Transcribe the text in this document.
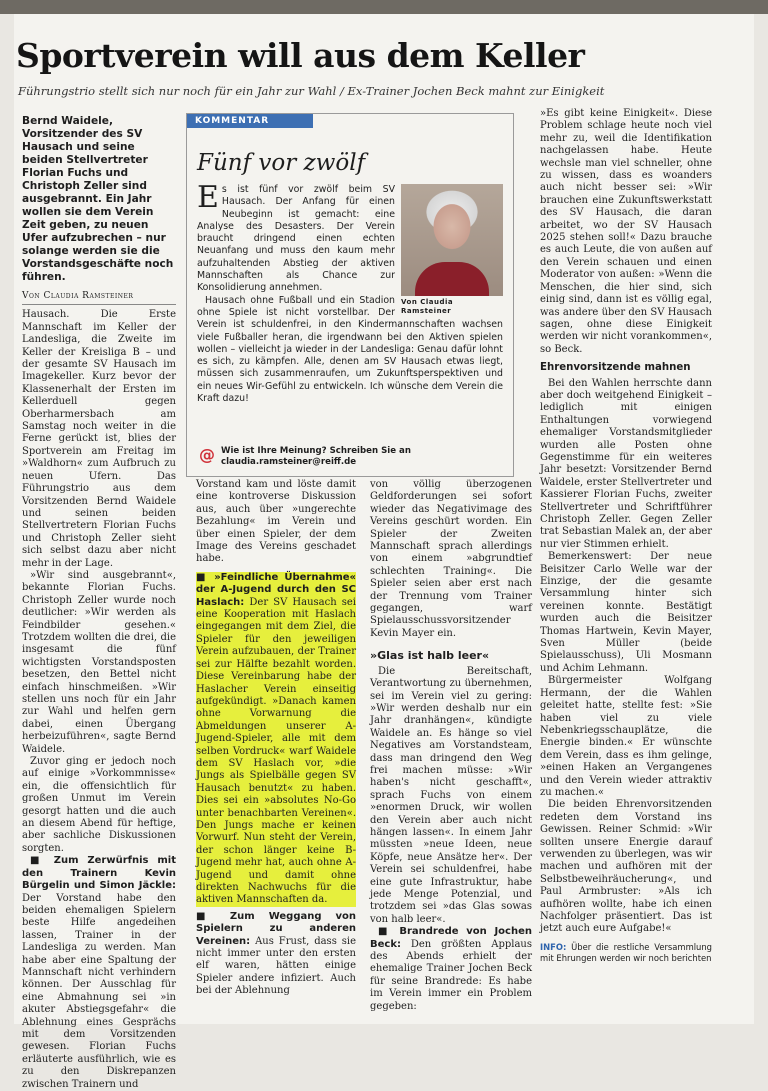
Sportverein will aus dem Keller

Führungstrio stellt sich nur noch für ein Jahr zur Wahl / Ex-Trainer Jochen Beck mahnt zur Einigkeit

Bernd Waidele, Vorsitzender des SV Hausach und seine beiden Stellvertreter Florian Fuchs und Christoph Zeller sind ausgebrannt. Ein Jahr wollen sie dem Verein Zeit geben, zu neuen Ufer aufzubrechen – nur solange werden sie die Vorstandsgeschäfte noch führen.
Von Claudia Ramsteiner

Hausach. Die Erste Mannschaft im Keller der Landesliga, die Zweite im Keller der Kreisliga B – und der gesamte SV Hausach im Imagekeller. Kurz bevor der Klassenerhalt der Ersten im Kellerduell gegen Oberharmersbach am Samstag noch weiter in die Ferne gerückt ist, blies der Sportverein am Freitag im »Waldhorn« zum Aufbruch zu neuen Ufern. Das Führungstrio aus dem Vorsitzenden Bernd Waidele und seinen beiden Stellvertretern Florian Fuchs und Christoph Zeller sieht sich selbst dazu aber nicht mehr in der Lage.

»Wir sind ausgebrannt«, bekannte Florian Fuchs. Christoph Zeller wurde noch deutlicher: »Wir werden als Feindbilder gesehen.« Trotzdem wollten die drei, die insgesamt die fünf wichtigsten Vorstandsposten besetzen, den Bettel nicht einfach hinschmeißen. »Wir stellen uns noch für ein Jahr zur Wahl und helfen gern dabei, einen Übergang herbeizuführen«, sagte Bernd Waidele.

Zuvor ging er jedoch noch auf einige »Vorkommnisse« ein, die offensichtlich für großen Unmut im Verein gesorgt hatten und die auch an diesem Abend für heftige, aber sachliche Diskussionen sorgten.

■ Zum Zerwürfnis mit den Trainern Kevin Bürgelin und Simon Jäckle: Der Vorstand habe den beiden ehemaligen Spielern beste Hilfe angedeihen lassen, Trainer in der Landesliga zu werden. Man habe aber eine Spaltung der Mannschaft nicht verhindern können. Der Ausschlag für eine Abmahnung sei »in akuter Abstiegsgefahr« die Ablehnung eines Gesprächs mit dem Vorsitzenden gewesen. Florian Fuchs erläuterte ausführlich, wie es zu den Diskrepanzen zwischen Trainern und

KOMMENTAR
Fünf vor zwölf
Von Claudia
Ramsteiner

Es ist fünf vor zwölf beim SV Hausach. Der Anfang für einen Neubeginn ist gemacht: eine Analyse des Desasters. Der Verein braucht dringend einen echten Neuanfang und muss den kaum mehr aufzuhaltenden Abstieg der aktiven Mannschaften als Chance zur Konsolidierung annehmen.

Hausach ohne Fußball und ein Stadion ohne Spiele ist nicht vorstellbar. Der Verein ist schuldenfrei, in den Kindermannschaften wachsen viele Fußballer heran, die irgendwann bei den Aktiven spielen wollen – vielleicht ja wieder in der Landesliga: Genau dafür lohnt es sich, zu kämpfen. Alle, denen am SV Hausach etwas liegt, müssen sich zusammenraufen, um Zukunftsperspektiven und ein neues Wir-Gefühl zu entwickeln. Ich wünsche dem Verein die Kraft dazu!

@ Wie ist Ihre Meinung? Schreiben Sie an
claudia.ramsteiner@reiff.de

Vorstand kam und löste damit eine kontroverse Diskussion aus, auch über »ungerechte Bezahlung« im Verein und über einen Spieler, der dem Image des Vereins geschadet habe.

■ »Feindliche Übernahme« der A-Jugend durch den SC Haslach: Der SV Hausach sei eine Kooperation mit Haslach eingegangen mit dem Ziel, die Spieler für den jeweiligen Verein aufzubauen, der Trainer sei zur Hälfte bezahlt worden. Diese Vereinbarung habe der Haslacher Verein einseitig aufgekündigt. »Danach kamen ohne Vorwarnung die Abmeldungen unserer A-Jugend-Spieler, alle mit dem selben Vordruck« warf Waidele dem SV Haslach vor, »die Jungs als Spielbälle gegen SV Hausach benutzt« zu haben. Dies sei ein »absolutes No-Go unter benachbarten Vereinen«. Den Jungs mache er keinen Vorwurf. Nun steht der Verein, der schon länger keine B-Jugend mehr hat, auch ohne A-Jugend und damit ohne direkten Nachwuchs für die aktiven Mannschaften da.

■ Zum Weggang von Spielern zu anderen Vereinen: Aus Frust, dass sie nicht immer unter den ersten elf waren, hätten einige Spieler andere infiziert. Auch bei der Ablehnung

von völlig überzogenen Geldforderungen sei sofort wieder das Negativimage des Vereins geschürt worden. Ein Spieler der Zweiten Mannschaft sprach allerdings von einem »abgrundtief schlechten Training«. Die Spieler seien aber erst nach der Trennung vom Trainer gegangen, warf Spielausschussvorsitzender Kevin Mayer ein.

»Glas ist halb leer«

Die Bereitschaft, Verantwortung zu übernehmen, sei im Verein viel zu gering: »Wir werden deshalb nur ein Jahr dranhängen«, kündigte Waidele an. Es hänge so viel Negatives am Vorstandsteam, dass man dringend den Weg frei machen müsse: »Wir haben's nicht geschafft«, sprach Fuchs von einem »enormen Druck, wir wollen den Verein aber auch nicht hängen lassen«. In einem Jahr müssten »neue Ideen, neue Köpfe, neue Ansätze her«. Der Verein sei schuldenfrei, habe eine gute Infrastruktur, habe jede Menge Potenzial, und trotzdem sei »das Glas sowas von halb leer«.

■ Brandrede von Jochen Beck: Den größten Applaus des Abends erhielt der ehemalige Trainer Jochen Beck für seine Brandrede: Es habe im Verein immer ein Problem gegeben:

»Es gibt keine Einigkeit«. Diese Problem schlage heute noch viel mehr zu, weil die Identifikation nachgelassen habe. Heute wechsle man viel schneller, ohne zu wissen, dass es woanders auch nicht besser sei: »Wir brauchen eine Zukunftswerkstatt des SV Hausach, die daran arbeitet, wo der SV Hausach 2025 stehen soll!« Dazu brauche es auch Leute, die von außen auf den Verein schauen und einen Moderator von außen: »Wenn die Menschen, die hier sind, sich einig sind, dann ist es völlig egal, was andere über den SV Hausach sagen, ohne diese Einigkeit werden wir nicht vorankommen«, so Beck.

Ehrenvorsitzende mahnen

Bei den Wahlen herrschte dann aber doch weitgehend Einigkeit – lediglich mit einigen Enthaltungen vorwiegend ehemaliger Vorstandsmitglieder wurden alle Posten ohne Gegenstimme für ein weiteres Jahr besetzt: Vorsitzender Bernd Waidele, erster Stellvertreter und Kassierer Florian Fuchs, zweiter Stellvertreter und Schriftführer Christoph Zeller. Gegen Zeller trat Sebastian Malek an, der aber nur vier Stimmen erhielt.

Bemerkenswert: Der neue Beisitzer Carlo Welle war der Einzige, der die gesamte Versammlung hinter sich vereinen konnte. Bestätigt wurden auch die Beisitzer Thomas Hartwein, Kevin Mayer, Sven Müller (beide Spielausschuss), Uli Mosmann und Achim Lehmann.

Bürgermeister Wolfgang Hermann, der die Wahlen geleitet hatte, stellte fest: »Sie haben viel zu viele Nebenkriegsschauplätze, die Energie binden.« Er wünschte dem Verein, dass es ihm gelinge, »einen Haken an Vergangenes und den Verein wieder attraktiv zu machen.«

Die beiden Ehrenvorsitzenden redeten dem Vorstand ins Gewissen. Reiner Schmid: »Wir sollten unsere Energie darauf verwenden zu überlegen, was wir machen und aufhören mit der Selbstbeweihräucherung«, und Paul Armbruster: »Als ich aufhören wollte, habe ich einen Nachfolger präsentiert. Das ist jetzt auch eure Aufgabe!«

INFO: Über die restliche Versammlung mit Ehrungen werden wir noch berichten
